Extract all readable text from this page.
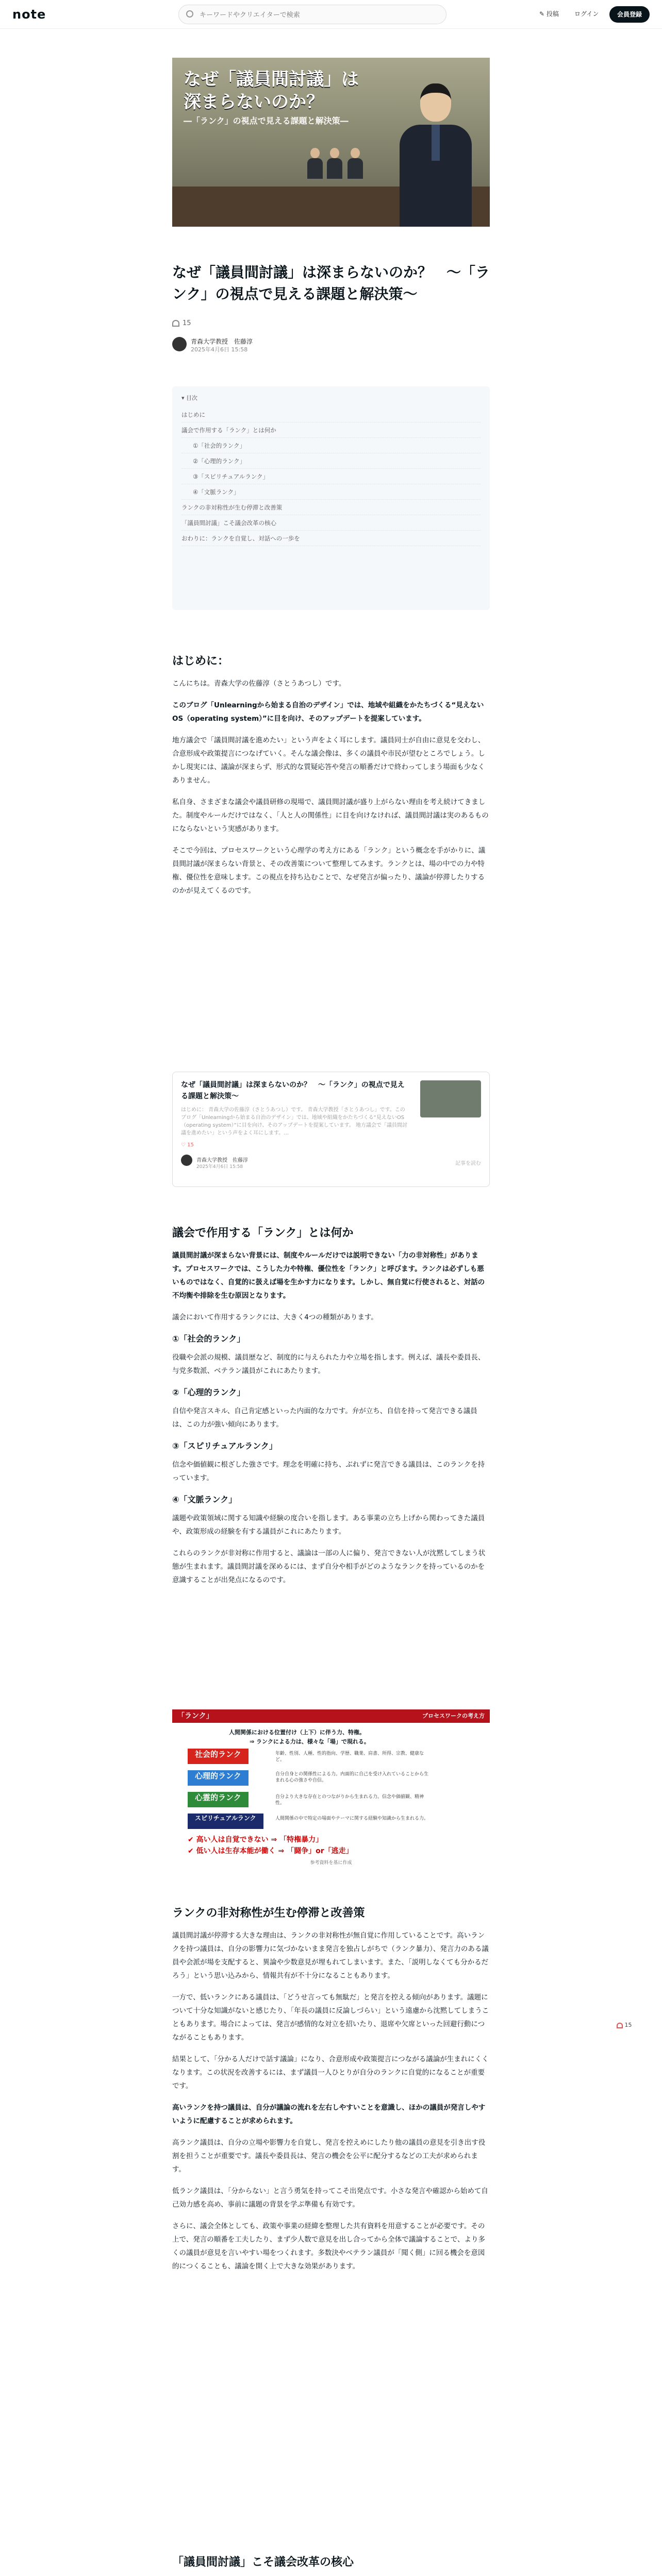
note
キーワードやクリエイターで検索	✎ 投稿	ログイン	会員登録
なぜ「議員間討議」は
深まらないのか？
―「ランク」の視点で見える課題と解決策―
なぜ「議員間討議」は深まらないのか？　〜「ランク」の視点で見える課題と解決策〜
15
青森大学教授　佐藤淳
2025年4月6日 15:58
▾ 目次
はじめに
議会で作用する「ランク」とは何か
①「社会的ランク」
②「心理的ランク」
③「スピリチュアルランク」
④「文脈ランク」
ランクの非対称性が生む停滞と改善策
「議員間討議」こそ議会改革の核心
おわりに：ランクを自覚し、対話への一歩を
はじめに：

こんにちは。青森大学の佐藤淳（さとうあつし）です。

このブログ「Unlearningから始まる自治のデザイン」では、地域や組織をかたちづくる“見えないOS（operating system）”に目を向け、そのアップデートを提案しています。

地方議会で「議員間討議を進めたい」という声をよく耳にします。議員同士が自由に意見を交わし、合意形成や政策提言につなげていく。そんな議会像は、多くの議員や市民が望むところでしょう。しかし現実には、議論が深まらず、形式的な質疑応答や発言の順番だけで終わってしまう場面も少なくありません。

私自身、さまざまな議会や議員研修の現場で、議員間討議が盛り上がらない理由を考え続けてきました。制度やルールだけではなく、「人と人の関係性」に目を向けなければ、議員間討議は実のあるものにならないという実感があります。

そこで今回は、プロセスワークという心理学の考え方にある「ランク」という概念を手がかりに、議員間討議が深まらない背景と、その改善策について整理してみます。ランクとは、場の中での力や特権、優位性を意味します。この視点を持ち込むことで、なぜ発言が偏ったり、議論が停滞したりするのかが見えてくるのです。

なぜ「議員間討議」は深まらないのか？　〜「ランク」の視点で見える課題と解決策〜
はじめに： 青森大学の佐藤淳（さとうあつし）です。 青森大学教授「さとうあつし」です。このブログ「Unlearningから始まる自治のデザイン」では、地域や組織をかたちづくる“見えないOS（operating system）”に目を向け、そのアップデートを提案しています。 地方議会で「議員間討議を進めたい」という声をよく耳にします。…
♡ 15
青森大学教授　佐藤淳
2025年4月6日 15:58
記事を読む
議会で作用する「ランク」とは何か

議員間討議が深まらない背景には、制度やルールだけでは説明できない「力の非対称性」があります。プロセスワークでは、こうした力や特権、優位性を「ランク」と呼びます。ランクは必ずしも悪いものではなく、自覚的に扱えば場を生かす力になります。しかし、無自覚に行使されると、対話の不均衡や排除を生む原因となります。

議会において作用するランクには、大きく4つの種類があります。

①「社会的ランク」

役職や会派の規模、議員歴など、制度的に与えられた力や立場を指します。例えば、議長や委員長、与党多数派、ベテラン議員がこれにあたります。

②「心理的ランク」

自信や発言スキル、自己肯定感といった内面的な力です。弁が立ち、自信を持って発言できる議員は、この力が強い傾向にあります。

③「スピリチュアルランク」

信念や価値観に根ざした強さです。理念を明確に持ち、ぶれずに発言できる議員は、このランクを持っています。

④「文脈ランク」

議題や政策領域に関する知識や経験の度合いを指します。ある事業の立ち上げから関わってきた議員や、政策形成の経験を有する議員がこれにあたります。

これらのランクが非対称に作用すると、議論は一部の人に偏り、発言できない人が沈黙してしまう状態が生まれます。議員間討議を深めるには、まず自分や相手がどのようなランクを持っているのかを意識することが出発点になるのです。

「ランク」	プロセスワークの考え方
人間関係における位置付け（上下）に伴う力、特権。
⇒ ランクによる力は、様々な「場」で現れる。
社会的ランク	年齢、性別、人種、性的指向、学歴、職業、肩書、所得、宗教、健康など。
心理的ランク	自分自身との関係性による力。内面的に自己を受け入れていることから生まれる心の強さや自信。
心霊的ランク	自分より大きな存在とのつながりから生まれる力。信念や価値観、精神性。
スピリチュアルランク	人間関係の中で特定の場面やテーマに関する経験や知識から生まれる力。
✔ 高い人は自覚できない ⇒ 「特権暴力」
✔ 低い人は生存本能が働く ⇒ 「闘争」or「逃走」
参考資料を基に作成
ランクの非対称性が生む停滞と改善策

議員間討議が停滞する大きな理由は、ランクの非対称性が無自覚に作用していることです。高いランクを持つ議員は、自分の影響力に気づかないまま発言を独占しがちで（ランク暴力）、発言力のある議員や会派が場を支配すると、異論や少数意見が埋もれてしまいます。また、「説明しなくても分かるだろう」という思い込みから、情報共有が不十分になることもあります。

一方で、低いランクにある議員は、「どうせ言っても無駄だ」と発言を控える傾向があります。議題について十分な知識がないと感じたり、「年長の議員に反論しづらい」という遠慮から沈黙してしまうこともあります。場合によっては、発言が感情的な対立を招いたり、退席や欠席といった回避行動につながることもあります。

結果として、「分かる人だけで話す議論」になり、合意形成や政策提言につながる議論が生まれにくくなります。この状況を改善するには、まず議員一人ひとりが自分のランクに自覚的になることが重要です。

高いランクを持つ議員は、自分が議論の流れを左右しやすいことを意識し、ほかの議員が発言しやすいように配慮することが求められます。

高ランク議員は、自分の立場や影響力を自覚し、発言を控えめにしたり他の議員の意見を引き出す役割を担うことが重要です。議長や委員長は、発言の機会を公平に配分するなどの工夫が求められます。

低ランク議員は、「分からない」と言う勇気を持ってこそ出発点です。小さな発言や確認から始めて自己効力感を高め、事前に議題の背景を学ぶ準備も有効です。

さらに、議会全体としても、政策や事業の経緯を整理した共有資料を用意することが必要です。その上で、発言の順番を工夫したり、まず少人数で意見を出し合ってから全体で議論することで、より多くの議員が意見を言いやすい場をつくれます。多数決やベテラン議員が「聞く側」に回る機会を意図的につくることも、議論を開く上で大きな効果があります。

「議員間討議」こそ議会改革の核心

15
